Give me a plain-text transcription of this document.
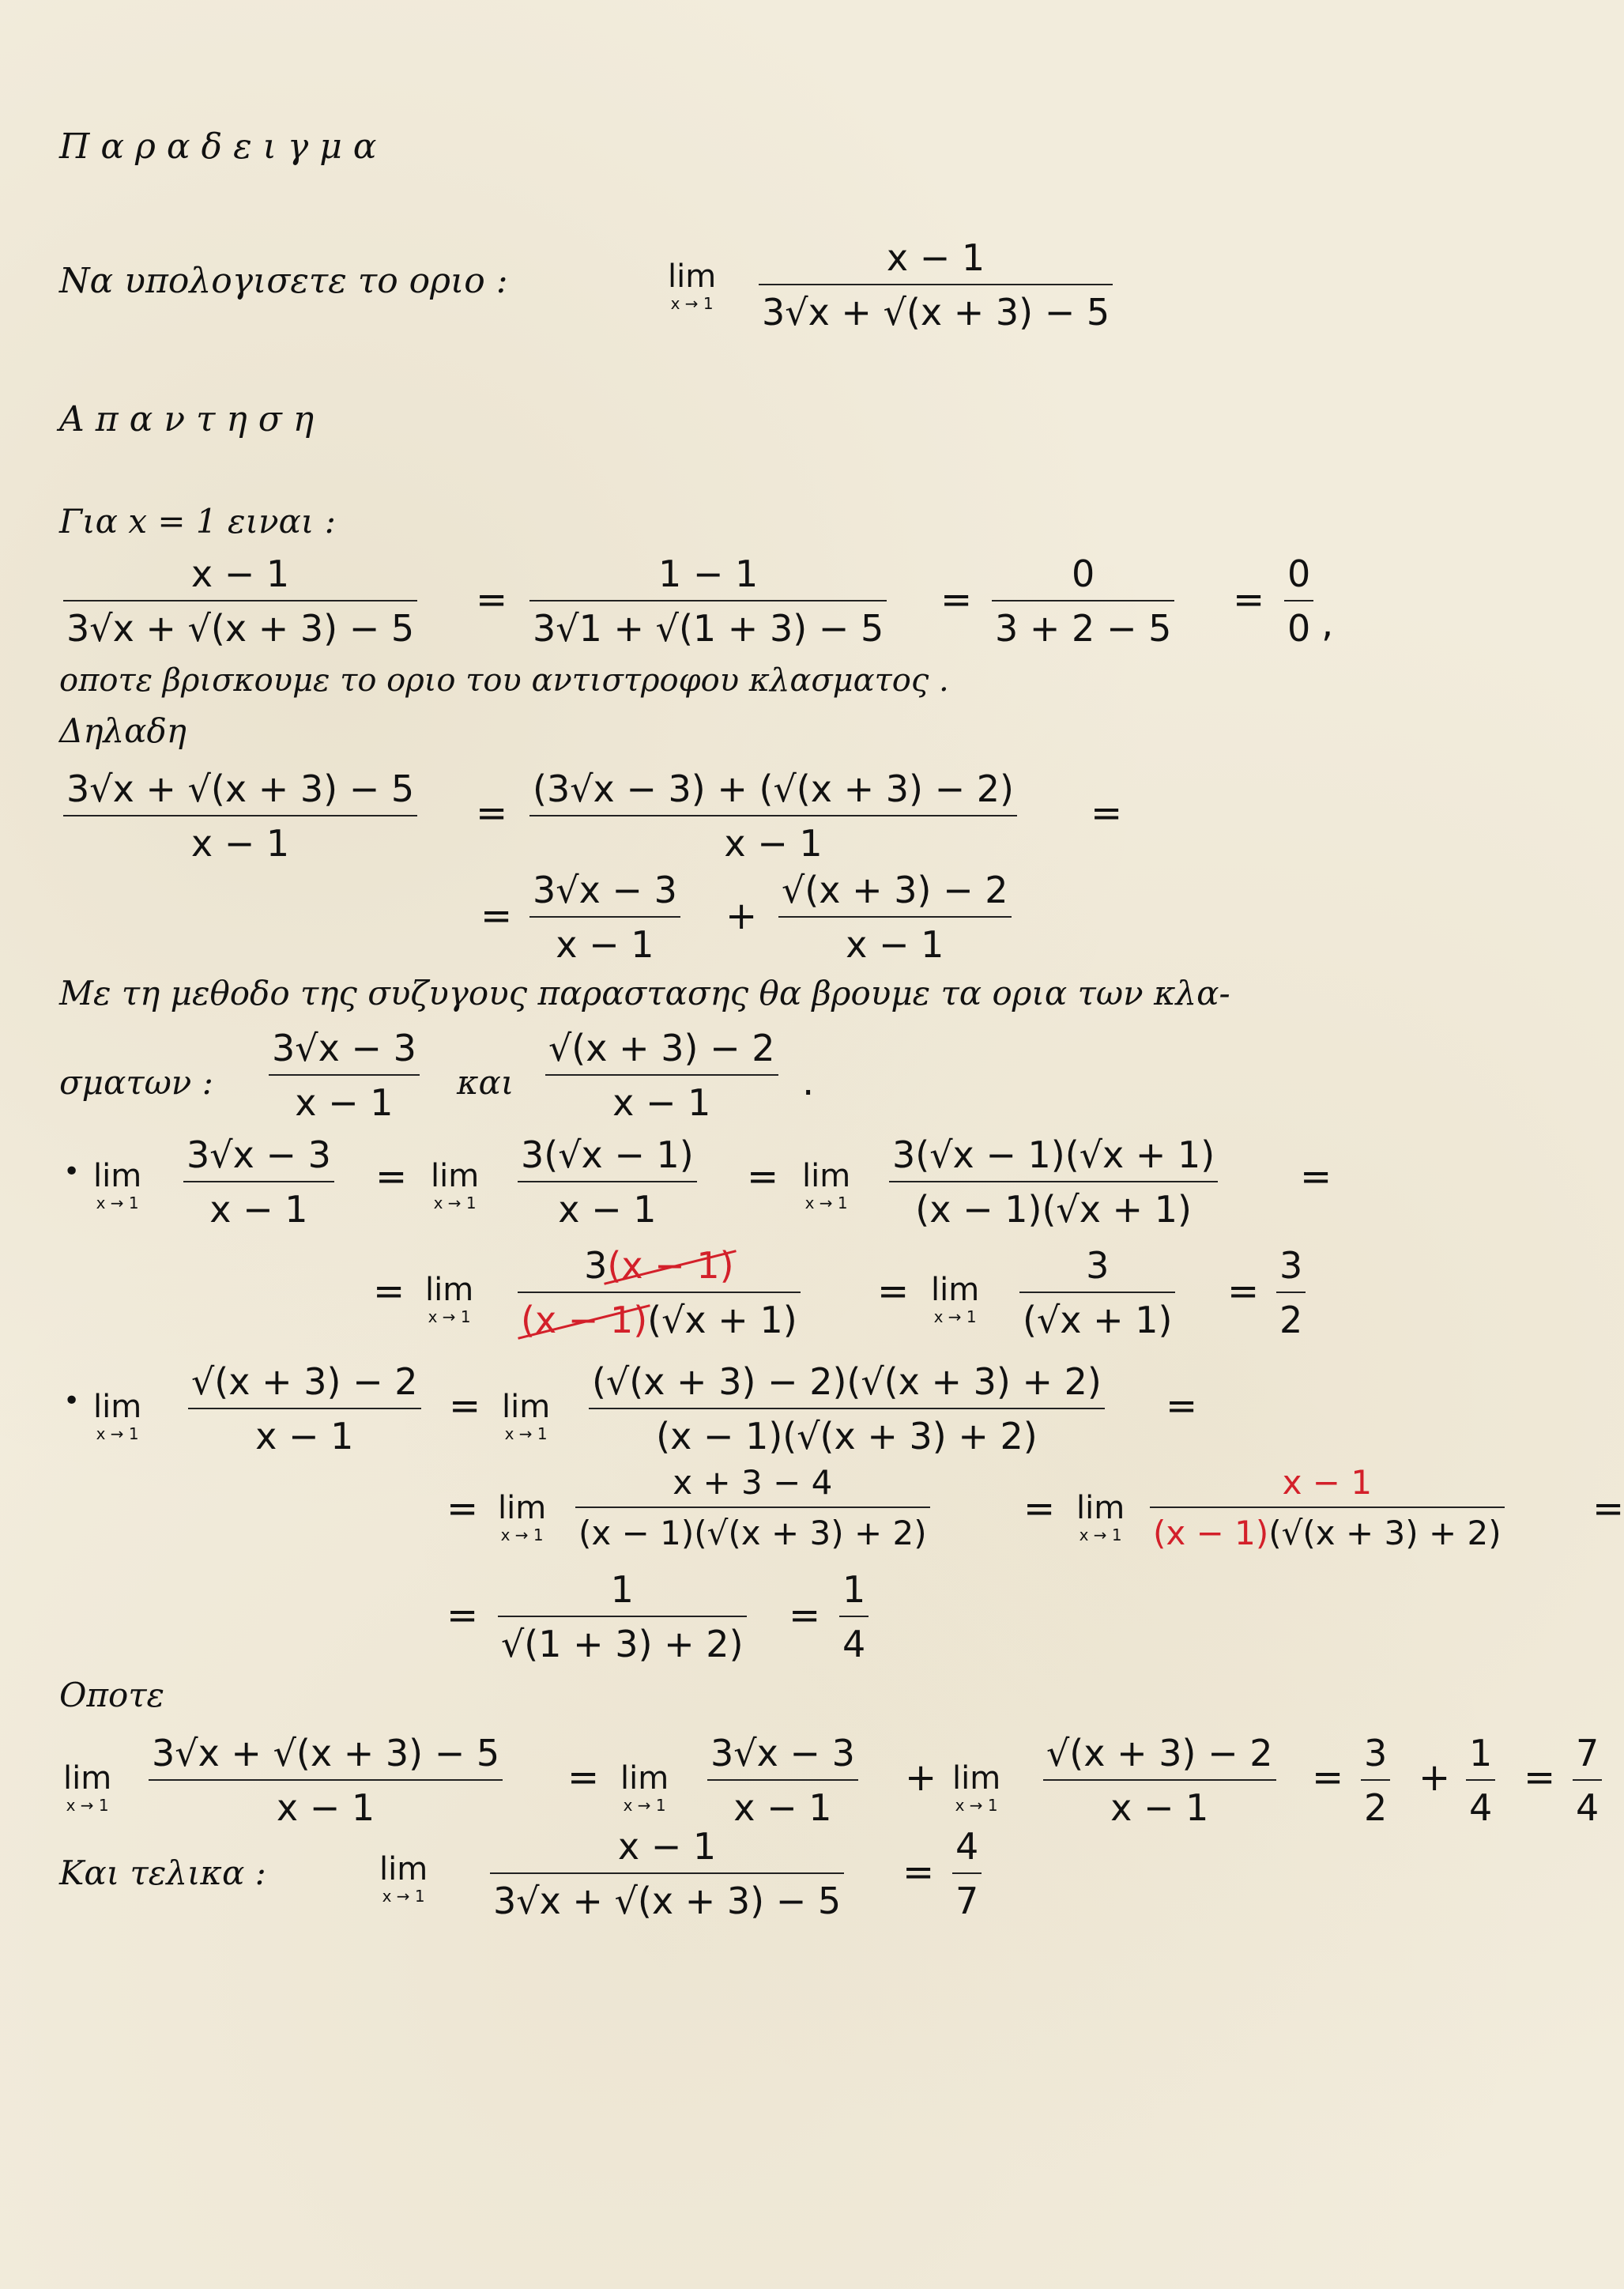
Π α ρ α δ ε ι γ μ α
Να υπολογισετε το οριο :	lim
x → 1
x − 1
3√x + √(x + 3) − 5
Α π α ν τ η σ η
Για x = 1 ειναι :
x − 1
3√x + √(x + 3) − 5
=
1 − 1
3√1 + √(1 + 3) − 5
=
0
3 + 2 − 5
=
0
0 ,
οποτε βρισκουμε το οριο του αντιστροφου κλασματος .
Δηλαδη
3√x + √(x + 3) − 5
x − 1
=
(3√x − 3) + (√(x + 3) − 2)
x − 1
=
=
3√x − 3
x − 1
+
√(x + 3) − 2
x − 1
Με τη μεθοδο της συζυγους παραστασης θα βρουμε τα ορια των κλα-
σματων :
3√x − 3
x − 1 και
√(x + 3) − 2
x − 1 .
• lim
x → 1
3√x − 3
x − 1
= lim
x → 1
3(√x − 1)
x − 1
= lim
x → 1
3(√x − 1)(√x + 1)
(x − 1)(√x + 1)
=
= lim
x → 1
3(x − 1)
(x − 1)(√x + 1)
= lim
x → 1
3
(√x + 1)
=
3
2
• lim
x → 1
√(x + 3) − 2
x − 1
= lim
x → 1
(√(x + 3) − 2)(√(x + 3) + 2)
(x − 1)(√(x + 3) + 2)
=
= lim
x → 1
x + 3 − 4
(x − 1)(√(x + 3) + 2)
= lim
x → 1
x − 1
(x − 1)(√(x + 3) + 2)
=
=
1
√(1 + 3) + 2)
=
1
4
Οποτε
lim
x → 1
3√x + √(x + 3) − 5
x − 1
= lim
x → 1
3√x − 3
x − 1
+ lim
x → 1
√(x + 3) − 2
x − 1
=
3
2
+
1
4
=
7
4
Και τελικα :	lim
x → 1
x − 1
3√x + √(x + 3) − 5
=
4
7
